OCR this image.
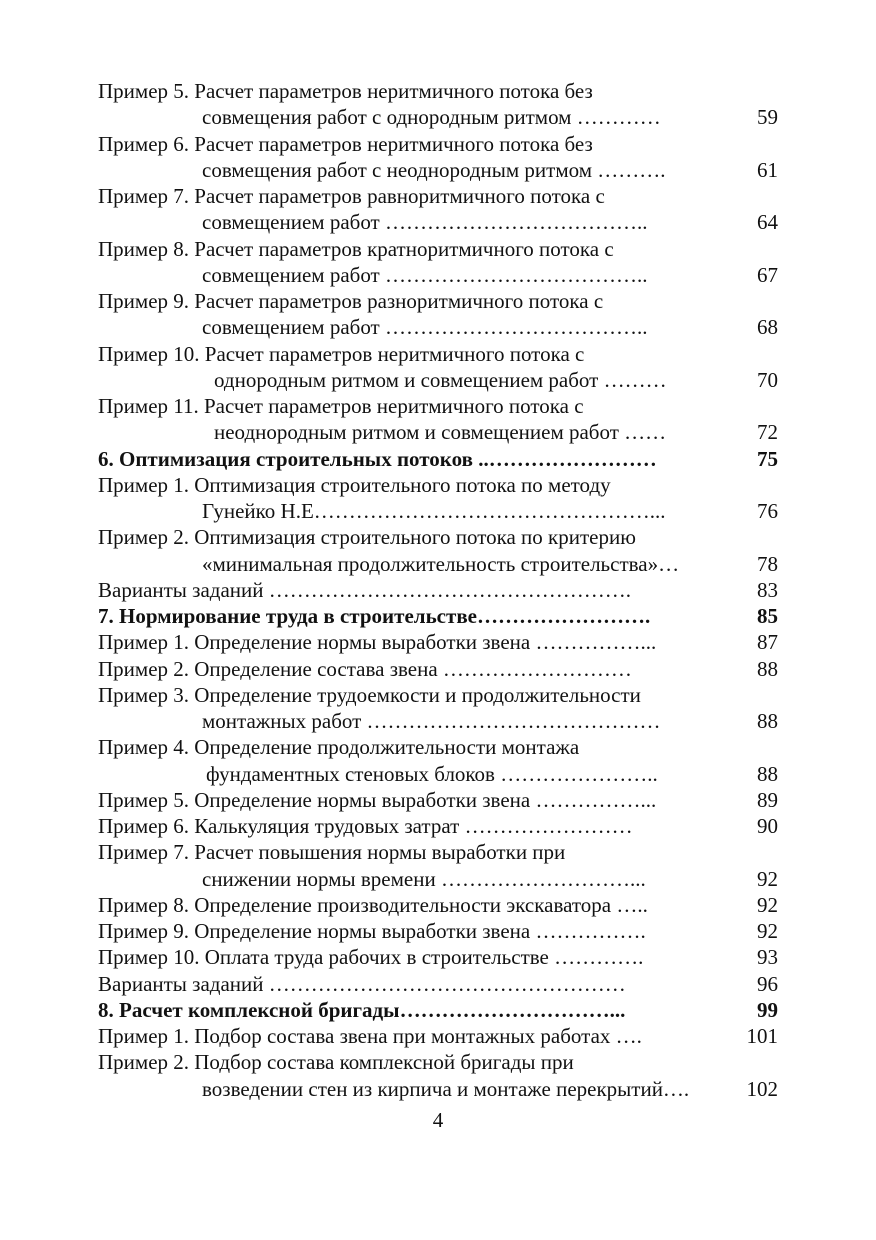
Пример 5. Расчет параметров неритмичного потока без
совмещения работ с однородным ритмом …………	59
Пример 6. Расчет параметров неритмичного потока без
совмещения работ с неоднородным ритмом ……….	61
Пример 7. Расчет параметров равноритмичного потока с
совмещением работ ………………………………..	64
Пример 8. Расчет параметров кратноритмичного потока с
совмещением работ ………………………………..	67
Пример 9. Расчет параметров разноритмичного потока с
совмещением работ ………………………………..	68
Пример 10. Расчет параметров неритмичного потока с
однородным ритмом и совмещением работ ………	70
Пример 11. Расчет параметров неритмичного потока с
неоднородным ритмом и совмещением работ ……	72
6. Оптимизация строительных потоков ..……………………	75
Пример 1. Оптимизация строительного потока по методу
Гунейко Н.Е…………………………………………...	76
Пример 2. Оптимизация строительного потока по критерию
«минимальная продолжительность строительства»…	78
Варианты заданий …………………………………………….	83
7. Нормирование труда в строительстве…………………….	85
Пример 1. Определение нормы выработки звена ……………...	87
Пример 2. Определение состава звена ………………………	88
Пример 3. Определение трудоемкости и продолжительности
монтажных работ ……………………………………	88
Пример 4. Определение продолжительности монтажа
фундаментных стеновых блоков …………………..	88
Пример 5. Определение нормы выработки звена ……………...	89
Пример 6. Калькуляция трудовых затрат ……………………	90
Пример 7. Расчет повышения нормы выработки при
снижении нормы времени ………………………...	92
Пример 8. Определение производительности экскаватора …..	92
Пример 9. Определение нормы выработки звена …………….	92
Пример 10. Оплата труда рабочих в строительстве ………….	93
Варианты заданий ……………………………………………	96
8. Расчет комплексной бригады…………………………...	99
Пример 1. Подбор состава звена при монтажных работах ….	101
Пример 2. Подбор состава комплексной бригады при
возведении стен из кирпича и монтаже перекрытий….	102
4
